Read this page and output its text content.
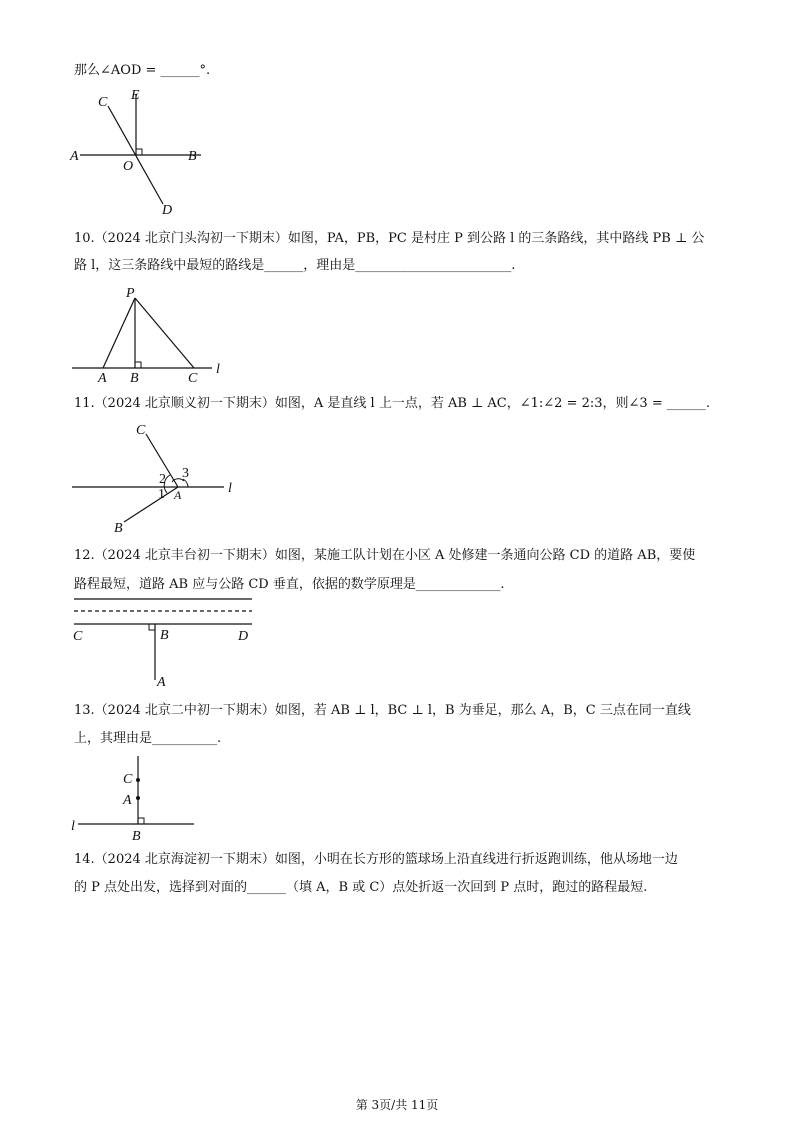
那么∠AOD = ______°.
A	B
C E
O
D
10.（2024 北京门头沟初一下期末）如图，PA，PB，PC 是村庄 P 到公路 l 的三条路线，其中路线 PB ⊥ 公
路 l，这三条路线中最短的路线是______，理由是________________________.
P
A B	C
l
11.（2024 北京顺义初一下期末）如图，A 是直线 l 上一点，若 AB ⊥ AC，∠1:∠2 = 2:3，则∠3 = ______.
C
B
A	l
1
2 3
12.（2024 北京丰台初一下期末）如图，某施工队计划在小区 A 处修建一条通向公路 CD 的道路 AB，要使
路程最短，道路 AB 应与公路 CD 垂直，依据的数学原理是_____________.
C	B	D
A
13.（2024 北京二中初一下期末）如图，若 AB ⊥ l，BC ⊥ l，B 为垂足，那么 A，B，C 三点在同一直线
上，其理由是__________.
C
A
B
l
14.（2024 北京海淀初一下期末）如图，小明在长方形的篮球场上沿直线进行折返跑训练，他从场地一边
的 P 点处出发，选择到对面的______（填 A，B 或 C）点处折返一次回到 P 点时，跑过的路程最短.
第 3页/共 11页
